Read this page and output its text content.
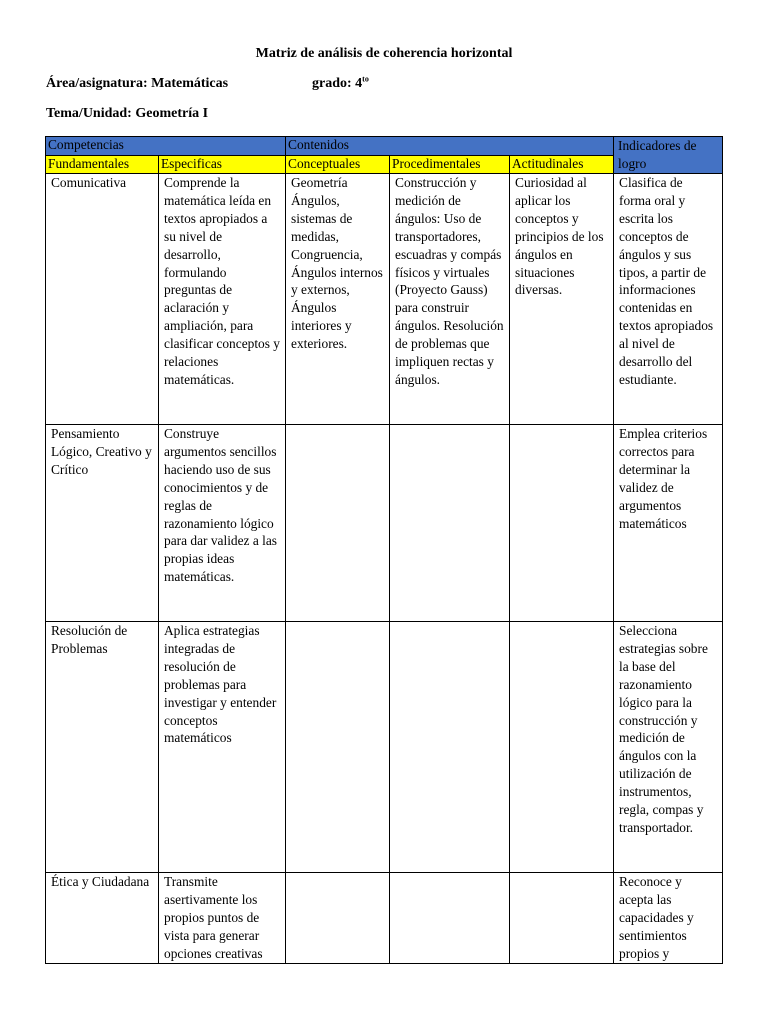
Matriz de análisis de coherencia horizontal

Área/asignatura: Matemáticas	grado: $4^{to}$

Tema/Unidad: Geometría I

Competencias		Contenidos			Indicadores de logro
Fundamentales	Especificas	Conceptuales	Procedimentales	Actitudinales	
Comunicativa	Comprende la matemática leída en textos apropiados a su nivel de desarrollo, formulando preguntas de aclaración y ampliación, para clasificar conceptos y relaciones matemáticas.	Geometría Ángulos, sistemas de medidas, Congruencia, Ángulos internos y externos, Ángulos interiores y exteriores.	Construcción y medición de ángulos: Uso de transportadores, escuadras y compás físicos y virtuales (Proyecto Gauss) para construir ángulos. Resolución de problemas que impliquen rectas y ángulos.	Curiosidad al aplicar los conceptos y principios de los ángulos en situaciones diversas.	Clasifica de forma oral y escrita los conceptos de ángulos y sus tipos, a partir de informaciones contenidas en textos apropiados al nivel de desarrollo del estudiante.
Pensamiento Lógico, Creativo y Crítico	Construye argumentos sencillos haciendo uso de sus conocimientos y de reglas de razonamiento lógico para dar validez a las propias ideas matemáticas.				Emplea criterios correctos para determinar la validez de argumentos matemáticos
Resolución de Problemas	Aplica estrategias integradas de resolución de problemas para investigar y entender conceptos matemáticos				Selecciona estrategias sobre la base del razonamiento lógico para la construcción y medición de ángulos con la utilización de instrumentos, regla, compas y transportador.
Ética y Ciudadana	Transmite asertivamente los propios puntos de vista para generar opciones creativas				Reconoce y acepta las capacidades y sentimientos propios y
